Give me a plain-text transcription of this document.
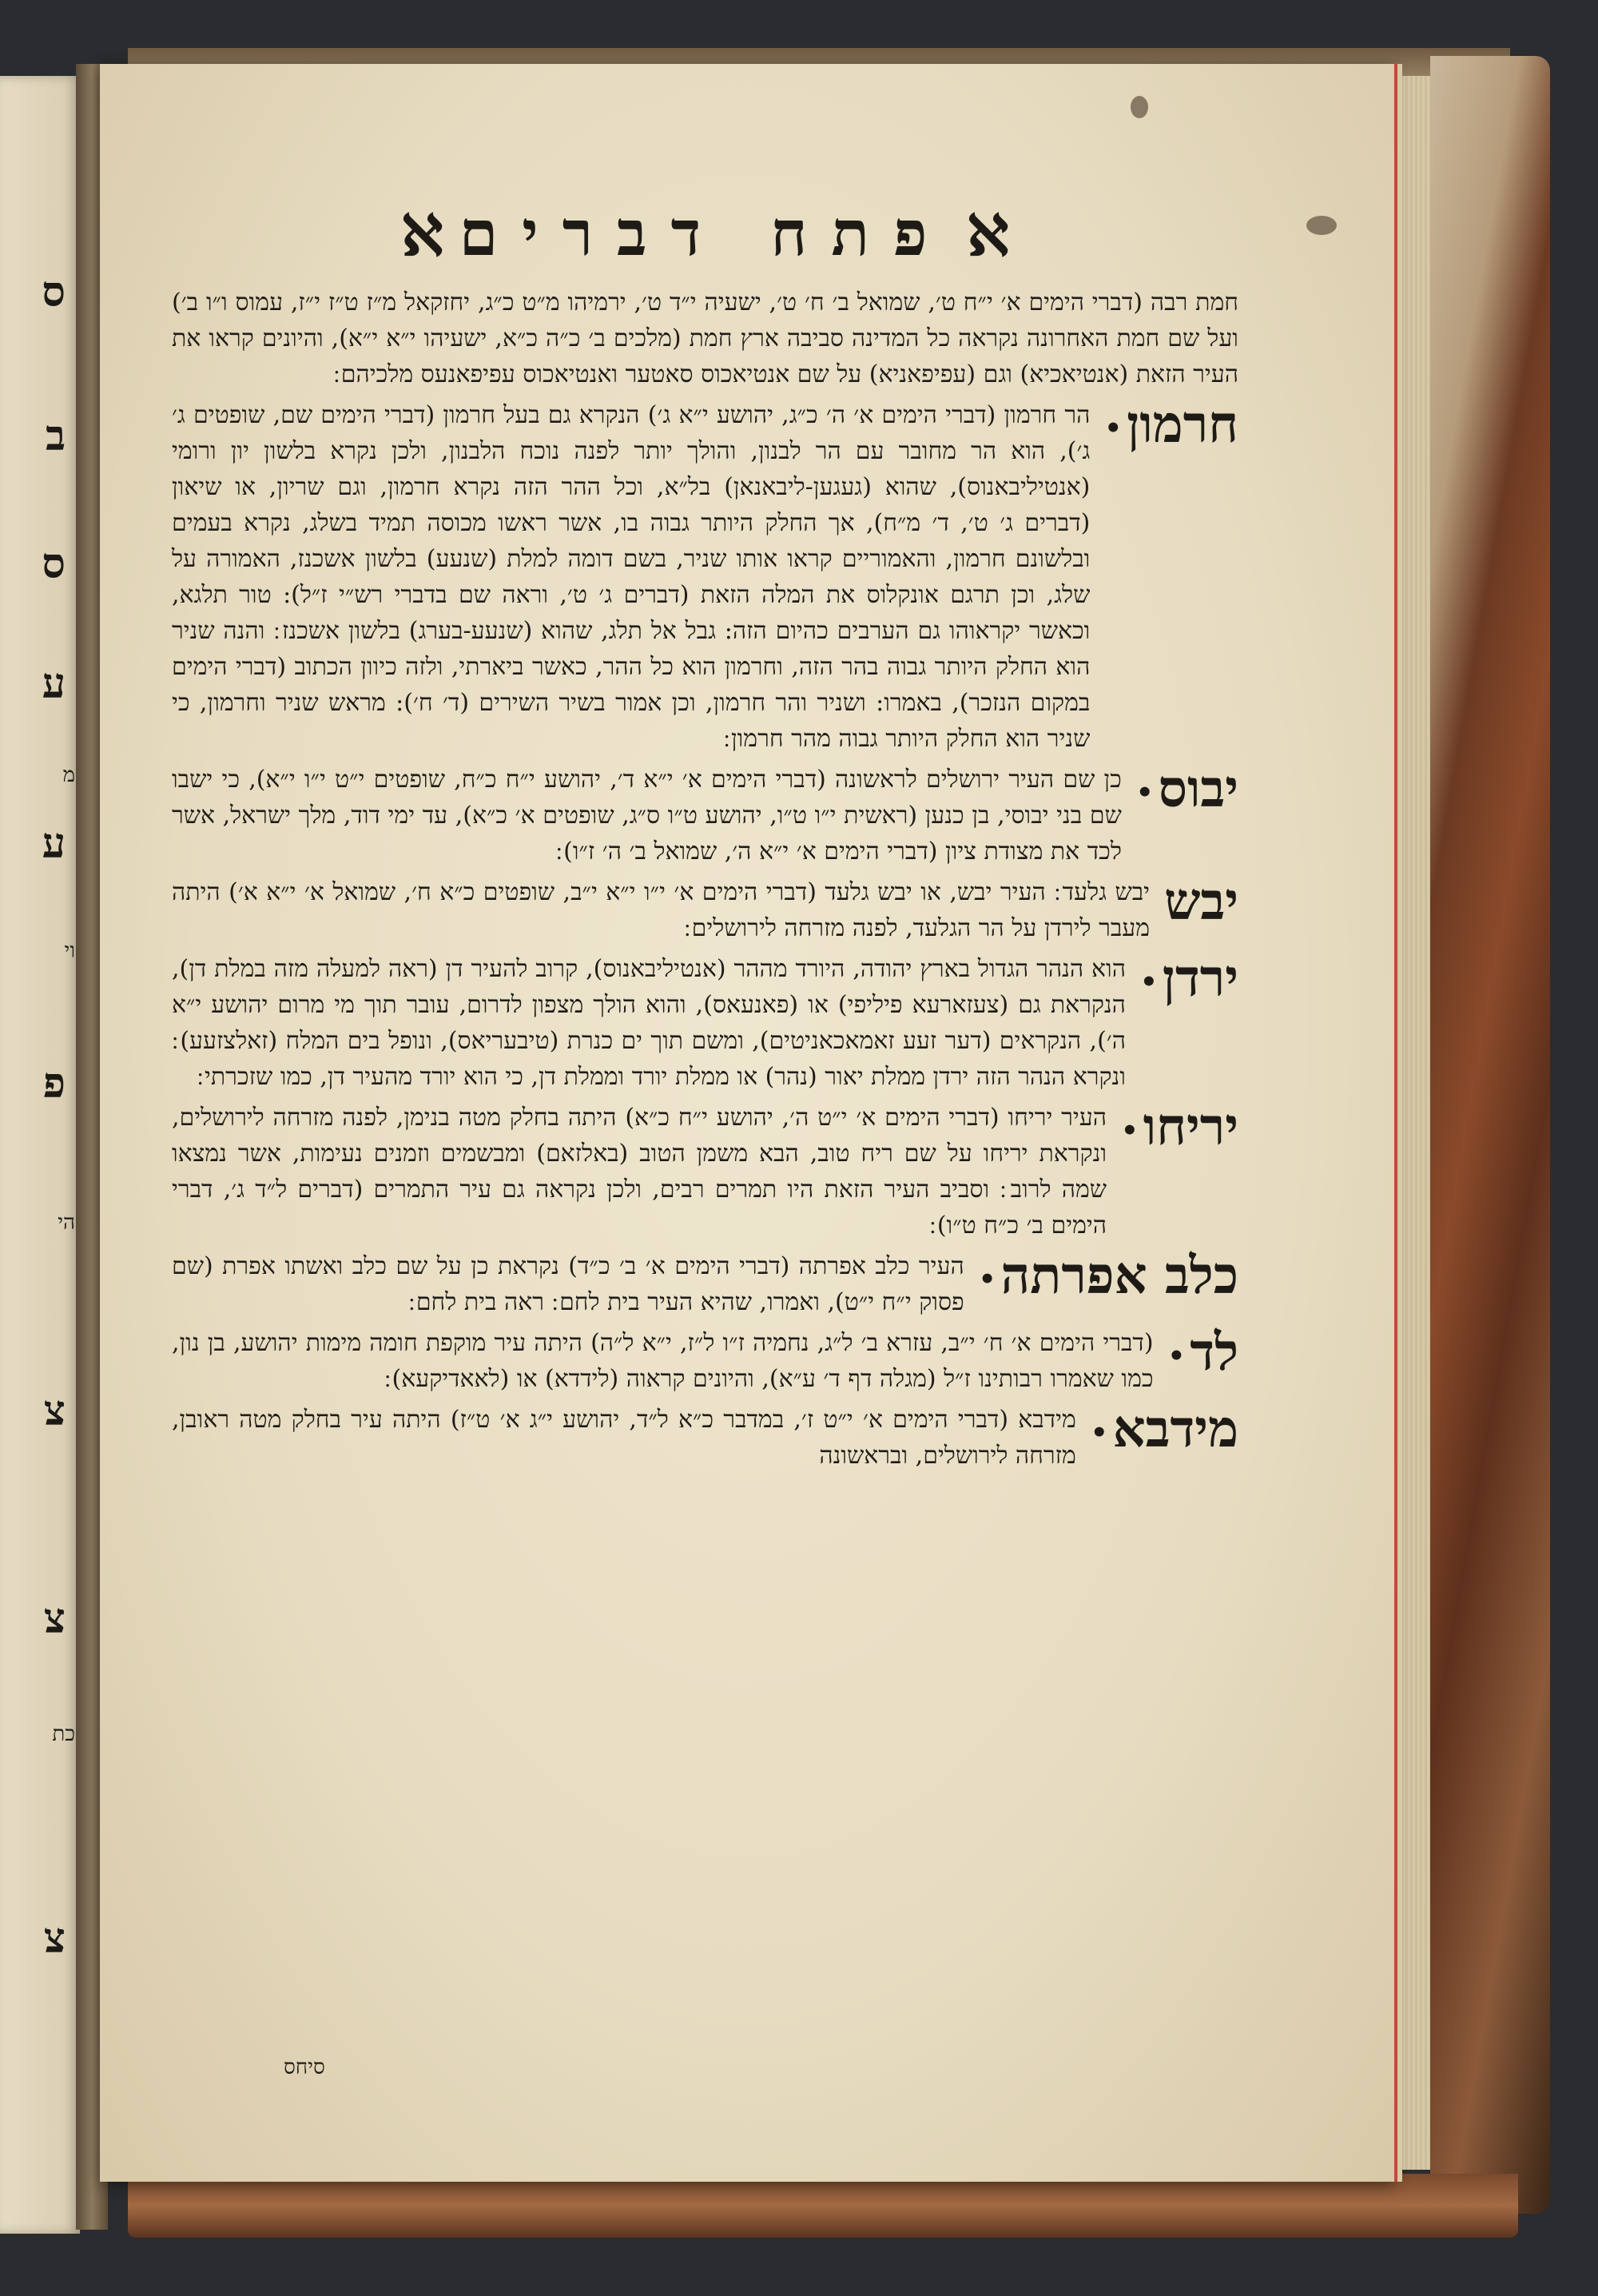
ס
ב
ס
ע
מ
ע
וי
פ
הי
צ
צ
כת
צ
ℵפתח דבריםℵ
חמת רבה (דברי הימים א׳ י״ח ט׳, שמואל ב׳ ח׳ ט׳, ישעיה י״ד ט׳, ירמיהו מ״ט כ״ג, יחזקאל מ״ז ט״ז י״ז, עמוס ו״ו ב׳) ועל שם חמת האחרונה נקראה כל המדינה סביבה ארץ חמת (מלכים ב׳ כ״ה כ״א, ישעיהו י״א י״א), והיונים קראו את העיר הזאת (אנטיאכיא) וגם (עפיפאניא) על שם אנטיאכוס סאטער ואנטיאכוס עפיפאנעס מלכיהם ׃
חרמון•
הר חרמון (דברי הימים א׳ ה׳ כ״ג, יהושע י״א ג׳) הנקרא גם בעל חרמון (דברי הימים שם, שופטים ג׳ ג׳), הוא הר מחובר עם הר לבנון, והולך יותר לפנה נוכח הלבנון, ולכן נקרא בלשון יון ורומי (אנטיליבאנוס), שהוא (געגען-ליבאנאן) בל״א, וכל ההר הזה נקרא חרמון, וגם שריון, או שיאון (דברים ג׳ ט׳, ד׳ מ״ח), אך החלק היותר גבוה בו, אשר ראשו מכוסה תמיד בשלג, נקרא בעמים ובלשונם חרמון, והאמוריים קראו אותו שניר, בשם דומה למלת (שנעע) בלשון אשכנז, האמורה על שלג, וכן תרגם אונקלוס את המלה הזאת (דברים ג׳ ט׳, וראה שם בדברי רש״י ז״ל): טור תלגא, וכאשר יקראוהו גם הערבים כהיום הזה: גבל אל תלג, שהוא (שנעע-בערג) בלשון אשכנז ׃ והנה שניר הוא החלק היותר גבוה בהר הזה, וחרמון הוא כל ההר, כאשר ביארתי, ולזה כיוון הכתוב (דברי הימים במקום הנזכר), באמרו: ושניר והר חרמון, וכן אמור בשיר השירים (ד׳ ח׳): מראש שניר וחרמון, כי שניר הוא החלק היותר גבוה מהר חרמון ׃
יבוס•
כן שם העיר ירושלים לראשונה (דברי הימים א׳ י״א ד׳, יהושע י״ח כ״ח, שופטים י״ט י״ו י״א), כי ישבו שם בני יבוסי, בן כנען (ראשית י״ו ט״ו, יהושע ט״ו ס״ג, שופטים א׳ כ״א), עד ימי דוד, מלך ישראל, אשר לכד את מצודת ציון (דברי הימים א׳ י״א ה׳, שמואל ב׳ ה׳ ז״ו) ׃
יבש
יבש גלעד ׃ העיר יבש, או יבש גלעד (דברי הימים א׳ י״ו י״א י״ב, שופטים כ״א ח׳, שמואל א׳ י״א א׳) היתה מעבר לירדן על הר הגלעד, לפנה מזרחה לירושלים ׃
ירדן•
הוא הנהר הגדול בארץ יהודה, היורד מההר (אנטיליבאנוס), קרוב להעיר דן (ראה למעלה מזה במלת דן), הנקראת גם (צעזארעא פיליפי) או (פאנעאס), והוא הולך מצפון לדרום, עובר תוך מי מרום יהושע י״א ה׳), הנקראים (דער זעע זאמאכאניטים), ומשם תוך ים כנרת (טיבעריאס), ונופל בים המלח (זאלצזעע) ׃ ונקרא הנהר הזה ירדן ממלת יאור (נהר) או ממלת יורד וממלת דן, כי הוא יורד מהעיר דן, כמו שזכרתי ׃
יריחו•
העיר יריחו (דברי הימים א׳ י״ט ה׳, יהושע י״ח כ״א) היתה בחלק מטה בנימן, לפנה מזרחה לירושלים, ונקראת יריחו על שם ריח טוב, הבא משמן הטוב (באלזאם) ומבשמים וזמנים נעימות, אשר נמצאו שמה לרוב ׃ וסביב העיר הזאת היו תמרים רבים, ולכן נקראה גם עיר התמרים (דברים ל״ד ג׳, דברי הימים ב׳ כ״ח ט״ו) ׃
כלב אפרתה•
העיר כלב אפרתה (דברי הימים א׳ ב׳ כ״ד) נקראת כן על שם כלב ואשתו אפרת (שם פסוק י״ח י״ט), ואמרו, שהיא העיר בית לחם ׃ ראה בית לחם ׃
לד•
(דברי הימים א׳ ח׳ י״ב, עזרא ב׳ ל״ג, נחמיה ז״ו ל״ז, י״א ל״ה) היתה עיר מוקפת חומה מימות יהושע, בן נון, כמו שאמרו רבותינו ז״ל (מגלה דף ד׳ ע״א), והיונים קראוה (לידדא) או (לאאדיקעא) ׃
מידבא•
מידבא (דברי הימים א׳ י״ט ז׳, במדבר כ״א ל״ד, יהושע י״ג א׳ ט״ז) היתה עיר בחלק מטה ראובן, מזרחה לירושלים, ובראשונה
סיחס
